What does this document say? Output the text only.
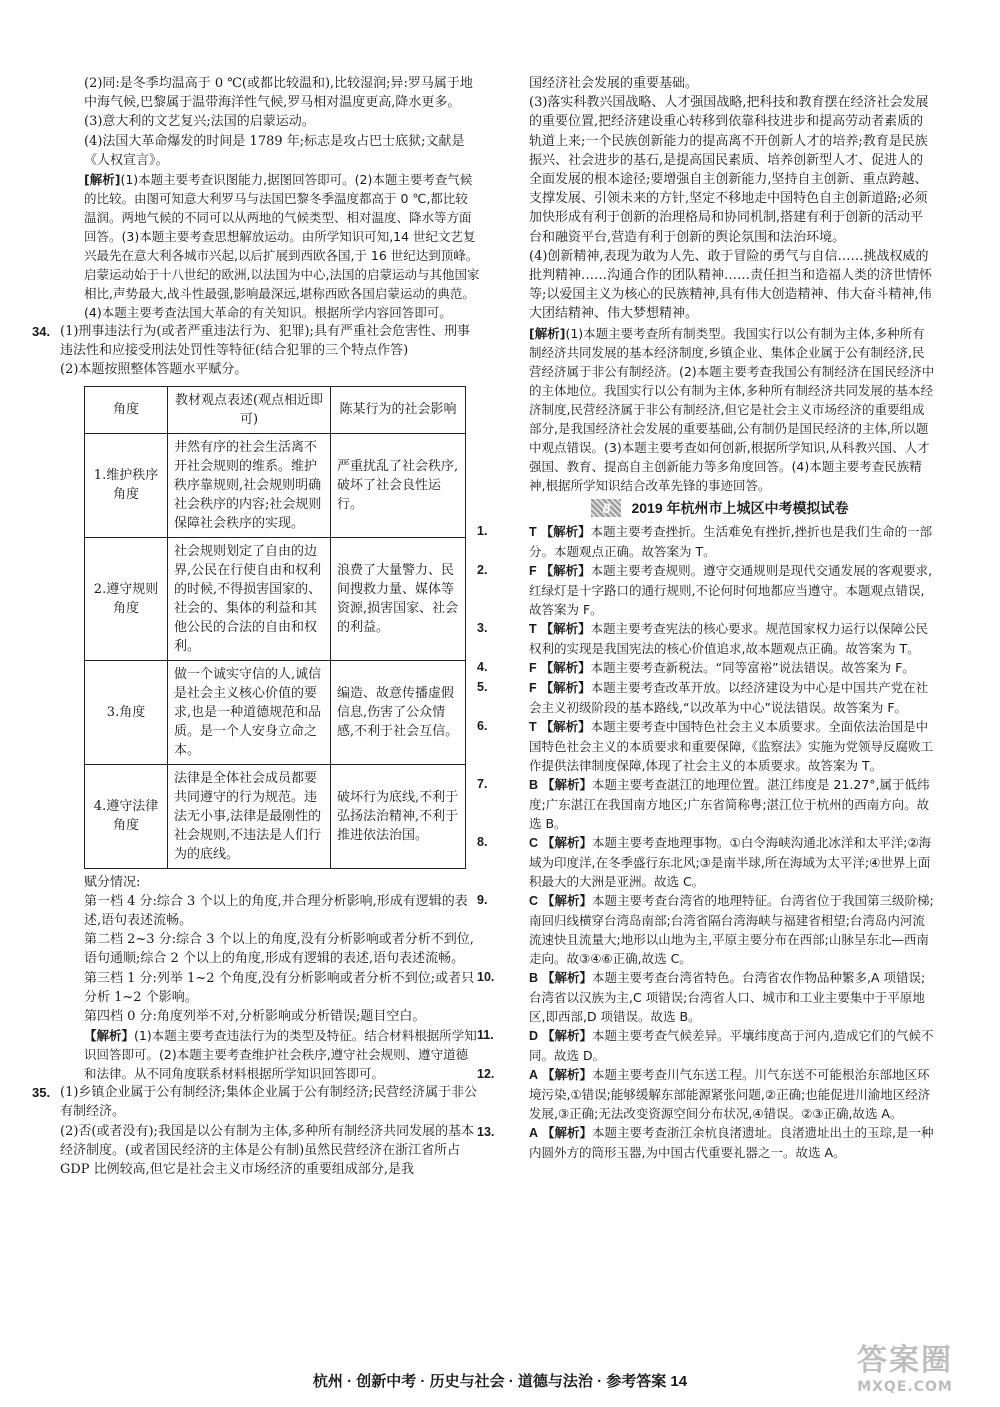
(2)同:是冬季均温高于 0 ℃(或都比较温和),比较湿润;异:罗马属于地中海气候,巴黎属于温带海洋性气候,罗马相对温度更高,降水更多。

(3)意大利的文艺复兴;法国的启蒙运动。

(4)法国大革命爆发的时间是 1789 年;标志是攻占巴士底狱;文献是《人权宣言》。

[解析](1)本题主要考查识图能力,据图回答即可。(2)本题主要考查气候的比较。由图可知意大利罗马与法国巴黎冬季温度都高于 0 ℃,都比较温润。两地气候的不同可以从两地的气候类型、相对温度、降水等方面回答。(3)本题主要考查思想解放运动。由所学知识可知,14 世纪文艺复兴最先在意大利各城市兴起,以后扩展到西欧各国,于 16 世纪达到顶峰。启蒙运动始于十八世纪的欧洲,以法国为中心,法国的启蒙运动与其他国家相比,声势最大,战斗性最强,影响最深远,堪称西欧各国启蒙运动的典范。(4)本题主要考查法国大革命的有关知识。根据所学内容回答即可。

34. (1)刑事违法行为(或者严重违法行为、犯罪);具有严重社会危害性、刑事违法性和应接受刑法处罚性等特征(结合犯罪的三个特点作答)

(2)本题按照整体答题水平赋分。

角度	教材观点表述(观点相近即可)	陈某行为的社会影响
1.维护秩序角度	井然有序的社会生活离不开社会规则的维系。维护秩序靠规则,社会规则明确社会秩序的内容;社会规则保障社会秩序的实现。	严重扰乱了社会秩序,破坏了社会良性运行。
2.遵守规则角度	社会规则划定了自由的边界,公民在行使自由和权利的时候,不得损害国家的、社会的、集体的利益和其他公民的合法的自由和权利。	浪费了大量警力、民间搜救力量、媒体等资源,损害国家、社会的利益。
3.角度	做一个诚实守信的人,诚信是社会主义核心价值的要求,也是一种道德规范和品质。是一个人安身立命之本。	编造、故意传播虚假信息,伤害了公众情感,不利于社会互信。
4.遵守法律角度	法律是全体社会成员都要共同遵守的行为规范。违法无小事,法律是最刚性的社会规则,不违法是人们行为的底线。	破坏行为底线,不利于弘扬法治精神,不利于推进依法治国。

赋分情况:

第一档 4 分:综合 3 个以上的角度,并合理分析影响,形成有逻辑的表述,语句表述流畅。

第二档 2~3 分:综合 3 个以上的角度,没有分析影响或者分析不到位,语句通顺;综合 2 个以上的角度,形成有逻辑的表述,语句表述流畅。

第三档 1 分:列举 1~2 个角度,没有分析影响或者分析不到位;或者只分析 1~2 个影响。

第四档 0 分:角度列举不对,分析影响或分析错误;题目空白。

【解析】(1)本题主要考查违法行为的类型及特征。结合材料根据所学知识回答即可。(2)本题主要考查维护社会秩序,遵守社会规则、遵守道德和法律。从不同角度联系材料根据所学知识回答即可。

35. (1)乡镇企业属于公有制经济;集体企业属于公有制经济;民营经济属于非公有制经济。

(2)否(或者没有);我国是以公有制为主体,多种所有制经济共同发展的基本经济制度。(或者国民经济的主体是公有制)虽然民营经济在浙江省所占 GDP 比例较高,但它是社会主义市场经济的重要组成部分,是我

国经济社会发展的重要基础。

(3)落实科教兴国战略、人才强国战略,把科技和教育摆在经济社会发展的重要位置,把经济建设重心转移到依靠科技进步和提高劳动者素质的轨道上来;一个民族创新能力的提高离不开创新人才的培养;教育是民族振兴、社会进步的基石,是提高国民素质、培养创新型人才、促进人的全面发展的根本途径;要增强自主创新能力,坚持自主创新、重点跨越、支撑发展、引领未来的方针,坚定不移地走中国特色自主创新道路;必须加快形成有利于创新的治理格局和协同机制,搭建有利于创新的活动平台和融资平台,营造有利于创新的舆论氛围和法治环境。

(4)创新精神,表现为敢为人先、敢于冒险的勇气与自信……挑战权威的批判精神……沟通合作的团队精神……责任担当和造福人类的济世情怀等;以爱国主义为核心的民族精神,具有伟大创造精神、伟大奋斗精神,伟大团结精神、伟大梦想精神。

[解析](1)本题主要考查所有制类型。我国实行以公有制为主体,多种所有制经济共同发展的基本经济制度,乡镇企业、集体企业属于公有制经济,民营经济属于非公有制经济。(2)本题主要考查我国公有制经济在国民经济中的主体地位。我国实行以公有制为主体,多种所有制经济共同发展的基本经济制度,民营经济属于非公有制经济,但它是社会主义市场经济的重要组成部分,是我国经济社会发展的重要基础,公有制仍是国民经济的主体,所以题中观点错误。(3)本题主要考查如何创新,根据所学知识,从科教兴国、人才强国、教育、提高自主创新能力等多角度回答。(4)本题主要考查民族精神,根据所学知识结合改革先锋的事迹回答。

8	2019 年杭州市上城区中考模拟试卷
1.	T 【解析】本题主要考查挫折。生活难免有挫折,挫折也是我们生命的一部分。本题观点正确。故答案为 T。

2.	F 【解析】本题主要考查规则。遵守交通规则是现代交通发展的客观要求,红绿灯是十字路口的通行规则,不论何时何地都应当遵守。本题观点错误,故答案为 F。

3.	T 【解析】本题主要考查宪法的核心要求。规范国家权力运行以保障公民权利的实现是我国宪法的核心价值追求,故本题观点正确。故答案为 T。

4.	F 【解析】本题主要考查新税法。“同等富裕”说法错误。故答案为 F。

5.	F 【解析】本题主要考查改革开放。以经济建设为中心是中国共产党在社会主义初级阶段的基本路线,“以改革为中心”说法错误。故答案为 F。

6.	T 【解析】本题主要考查中国特色社会主义本质要求。全面依法治国是中国特色社会主义的本质要求和重要保障,《监察法》实施为党领导反腐败工作提供法律制度保障,体现了社会主义的本质要求。故答案为 T。

7.	B 【解析】本题主要考查湛江的地理位置。湛江纬度是 21.27°,属于低纬度;广东湛江在我国南方地区;广东省简称粤;湛江位于杭州的西南方向。故选 B。

8.	C 【解析】本题主要考查地理事物。①白令海峡沟通北冰洋和太平洋;②海域为印度洋,在冬季盛行东北风;③是南半球,所在海域为太平洋;④世界上面积最大的大洲是亚洲。故选 C。

9.	C 【解析】本题主要考查台湾省的地理特征。台湾省位于我国第三级阶梯;南回归线横穿台湾岛南部;台湾省隔台湾海峡与福建省相望;台湾岛内河流流速快且流量大;地形以山地为主,平原主要分布在西部;山脉呈东北—西南走向。故③④⑥正确,故选 C。

10.	B 【解析】本题主要考查台湾省特色。台湾省农作物品种繁多,A 项错误;台湾省以汉族为主,C 项错误;台湾省人口、城市和工业主要集中于平原地区,即西部,D 项错误。故选 B。

11.	D 【解析】本题主要考查气候差异。平壤纬度高于河内,造成它们的气候不同。故选 D。

12.	A 【解析】本题主要考查川气东送工程。川气东送不可能根治东部地区环境污染,①错误;能够缓解东部能源紧张问题,②正确;也能促进川渝地区经济发展,③正确;无法改变资源空间分布状况,④错误。②③正确,故选 A。

13.	A 【解析】本题主要考查浙江余杭良渚遗址。良渚遗址出土的玉琮,是一种内圆外方的筒形玉器,为中国古代重要礼器之一。故选 A。

杭州 · 创新中考 · 历史与社会 · 道德与法治 · 参考答案 14
答案圈
MXQE.COM
